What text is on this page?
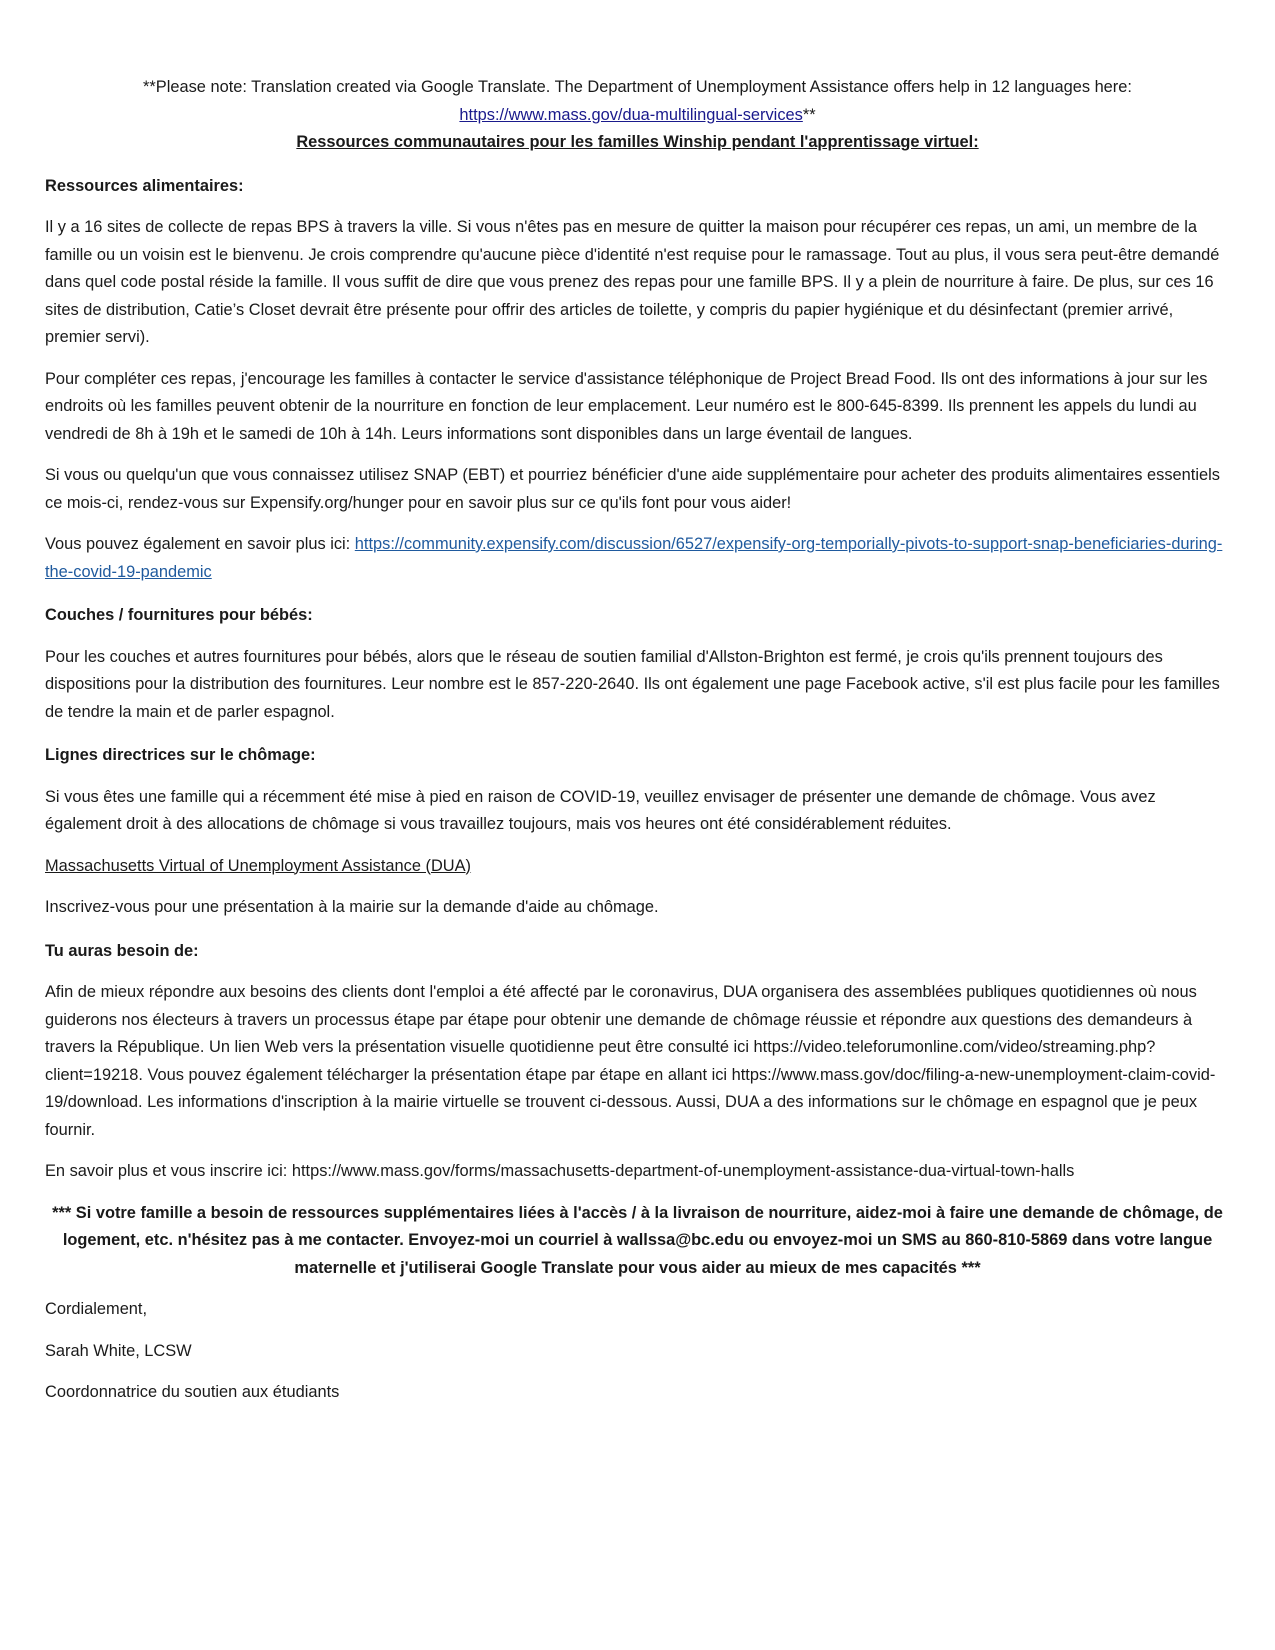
**Please note: Translation created via Google Translate. The Department of Unemployment Assistance offers help in 12 languages here:
https://www.mass.gov/dua-multilingual-services**

Ressources communautaires pour les familles Winship pendant l'apprentissage virtuel:

Ressources alimentaires:

Il y a 16 sites de collecte de repas BPS à travers la ville. Si vous n'êtes pas en mesure de quitter la maison pour récupérer ces repas, un ami, un membre de la famille ou un voisin est le bienvenu. Je crois comprendre qu'aucune pièce d'identité n'est requise pour le ramassage. Tout au plus, il vous sera peut-être demandé dans quel code postal réside la famille. Il vous suffit de dire que vous prenez des repas pour une famille BPS. Il y a plein de nourriture à faire. De plus, sur ces 16 sites de distribution, Catie’s Closet devrait être présente pour offrir des articles de toilette, y compris du papier hygiénique et du désinfectant (premier arrivé, premier servi).

Pour compléter ces repas, j'encourage les familles à contacter le service d'assistance téléphonique de Project Bread Food. Ils ont des informations à jour sur les endroits où les familles peuvent obtenir de la nourriture en fonction de leur emplacement. Leur numéro est le 800-645-8399. Ils prennent les appels du lundi au vendredi de 8h à 19h et le samedi de 10h à 14h. Leurs informations sont disponibles dans un large éventail de langues.

Si vous ou quelqu'un que vous connaissez utilisez SNAP (EBT) et pourriez bénéficier d'une aide supplémentaire pour acheter des produits alimentaires essentiels ce mois-ci, rendez-vous sur Expensify.org/hunger pour en savoir plus sur ce qu'ils font pour vous aider!

Vous pouvez également en savoir plus ici: https://community.expensify.com/discussion/6527/expensify-org-temporially-pivots-to-support-snap-beneficiaries-during-the-covid-19-pandemic

Couches / fournitures pour bébés:

Pour les couches et autres fournitures pour bébés, alors que le réseau de soutien familial d'Allston-Brighton est fermé, je crois qu'ils prennent toujours des dispositions pour la distribution des fournitures. Leur nombre est le 857-220-2640. Ils ont également une page Facebook active, s'il est plus facile pour les familles de tendre la main et de parler espagnol.

Lignes directrices sur le chômage:

Si vous êtes une famille qui a récemment été mise à pied en raison de COVID-19, veuillez envisager de présenter une demande de chômage. Vous avez également droit à des allocations de chômage si vous travaillez toujours, mais vos heures ont été considérablement réduites.

Massachusetts Virtual of Unemployment Assistance (DUA)

Inscrivez-vous pour une présentation à la mairie sur la demande d'aide au chômage.

Tu auras besoin de:

Afin de mieux répondre aux besoins des clients dont l'emploi a été affecté par le coronavirus, DUA organisera des assemblées publiques quotidiennes où nous guiderons nos électeurs à travers un processus étape par étape pour obtenir une demande de chômage réussie et répondre aux questions des demandeurs à travers la République. Un lien Web vers la présentation visuelle quotidienne peut être consulté ici https://video.teleforumonline.com/video/streaming.php?client=19218. Vous pouvez également télécharger la présentation étape par étape en allant ici https://www.mass.gov/doc/filing-a-new-unemployment-claim-covid-19/download. Les informations d'inscription à la mairie virtuelle se trouvent ci-dessous. Aussi, DUA a des informations sur le chômage en espagnol que je peux fournir.

En savoir plus et vous inscrire ici: https://www.mass.gov/forms/massachusetts-department-of-unemployment-assistance-dua-virtual-town-halls

*** Si votre famille a besoin de ressources supplémentaires liées à l'accès / à la livraison de nourriture, aidez-moi à faire une demande de chômage, de logement, etc. n'hésitez pas à me contacter. Envoyez-moi un courriel à wallssa@bc.edu ou envoyez-moi un SMS au 860-810-5869 dans votre langue maternelle et j'utiliserai Google Translate pour vous aider au mieux de mes capacités ***

Cordialement,

Sarah White, LCSW

Coordonnatrice du soutien aux étudiants
